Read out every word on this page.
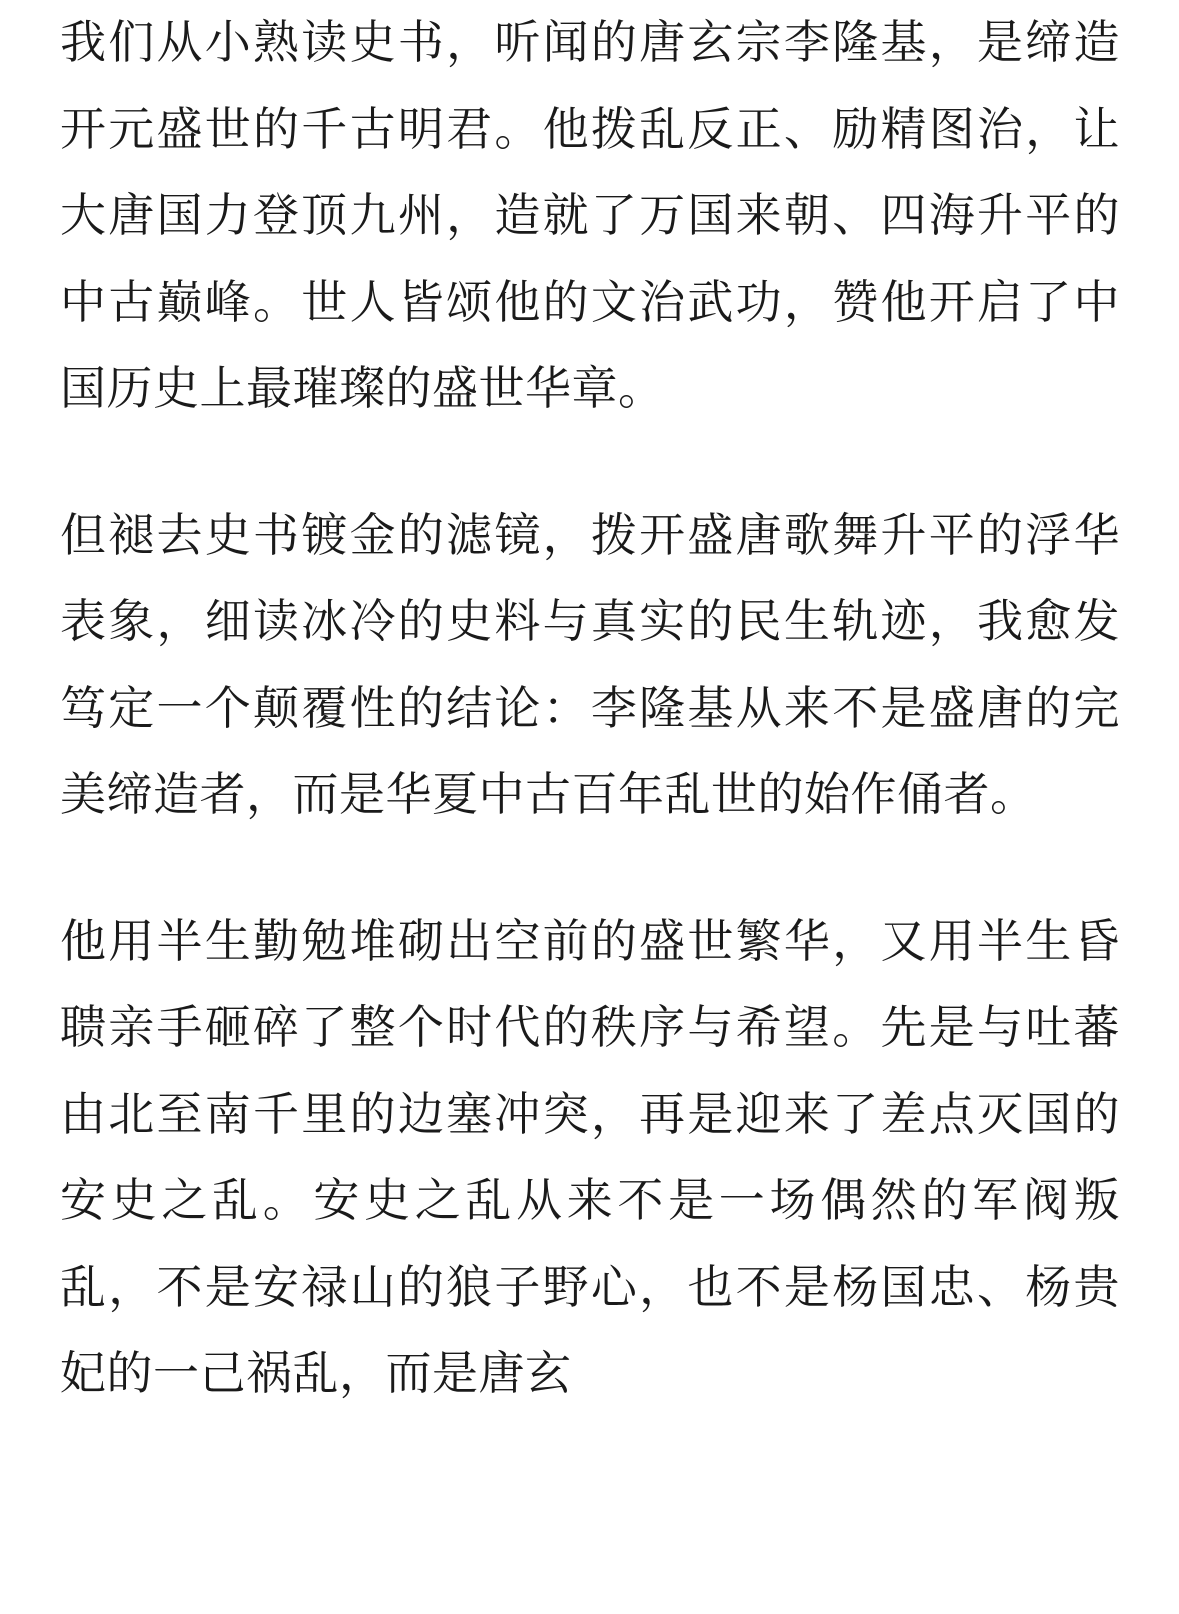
我们从小熟读史书，听闻的唐玄宗李隆基，是缔造开元盛世的千古明君。他拨乱反正、励精图治，让大唐国力登顶九州，造就了万国来朝、四海升平的中古巅峰。世人皆颂他的文治武功，赞他开启了中国历史上最璀璨的盛世华章。

但褪去史书镀金的滤镜，拨开盛唐歌舞升平的浮华表象，细读冰冷的史料与真实的民生轨迹，我愈发笃定一个颠覆性的结论：李隆基从来不是盛唐的完美缔造者，而是华夏中古百年乱世的始作俑者。

他用半生勤勉堆砌出空前的盛世繁华，又用半生昏聩亲手砸碎了整个时代的秩序与希望。先是与吐蕃由北至南千里的边塞冲突，再是迎来了差点灭国的安史之乱。安史之乱从来不是一场偶然的军阀叛乱，不是安禄山的狼子野心，也不是杨国忠、杨贵妃的一己祸乱，而是唐玄
